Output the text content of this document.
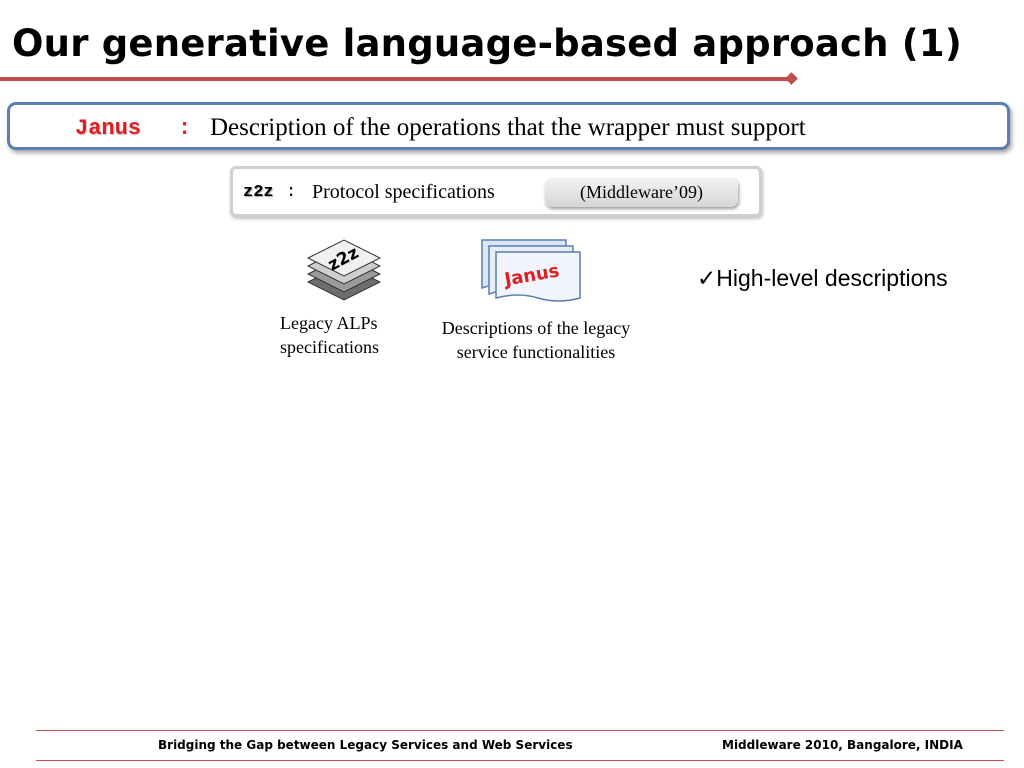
Our generative language-based approach (1)
Janus : Description of the operations that the wrapper must support
z2z : Protocol specifications	(Middleware’09)
z2z
Janus
Legacy ALPs specifications
Descriptions of the legacy service functionalities
✓High-level descriptions
Bridging the Gap between Legacy Services and Web Services	Middleware 2010, Bangalore, INDIA
